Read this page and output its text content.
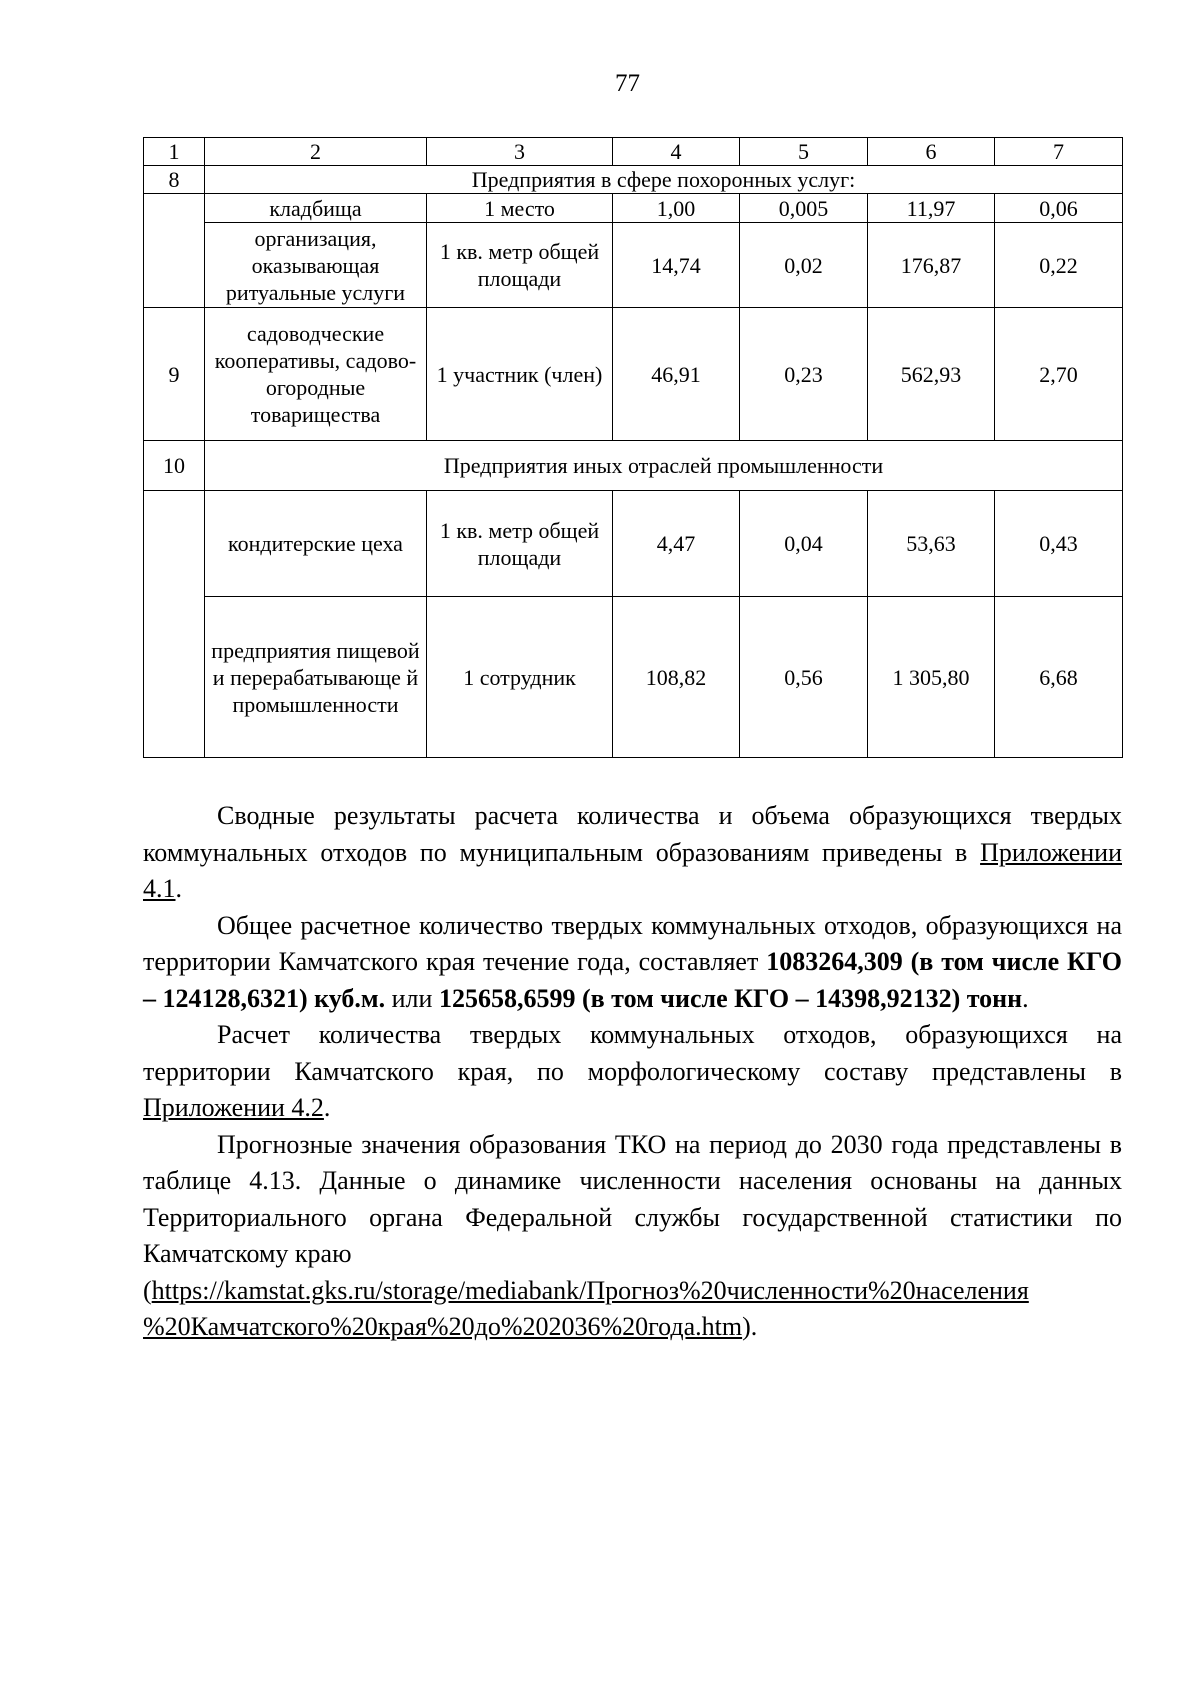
77
1	2	3	4	5	6	7
8	Предприятия в сфере похоронных услуг:					
	кладбища	1 место	1,00	0,005	11,97	0,06
	организация, оказывающая ритуальные услуги	1 кв. метр общей площади	14,74	0,02	176,87	0,22
9	садоводческие кооперативы, садово-огородные товарищества	1 участник (член)	46,91	0,23	562,93	2,70
10	Предприятия иных отраслей промышленности					
	кондитерские цеха	1 кв. метр общей площади	4,47	0,04	53,63	0,43
	предприятия пищевой и перерабатывающе й промышленности	1 сотрудник	108,82	0,56	1 305,80	6,68

Сводные результаты расчета количества и объема образующихся твердых коммунальных отходов по муниципальным образованиям приведены в Приложении 4.1.

Общее расчетное количество твердых коммунальных отходов, образующихся на территории Камчатского края течение года, составляет 1083264,309 (в том числе КГО – 124128,6321) куб.м. или 125658,6599 (в том числе КГО – 14398,92132) тонн.

Расчет количества твердых коммунальных отходов, образующихся на территории Камчатского края, по морфологическому составу представлены в Приложении 4.2.

Прогнозные значения образования ТКО на период до 2030 года представлены в таблице 4.13. Данные о динамике численности населения основаны на данных Территориального органа Федеральной службы государственной статистики по Камчатскому краю

(https://kamstat.gks.ru/storage/mediabank/Прогноз%20численности%20населения
%20Камчатского%20края%20до%202036%20года.htm).
